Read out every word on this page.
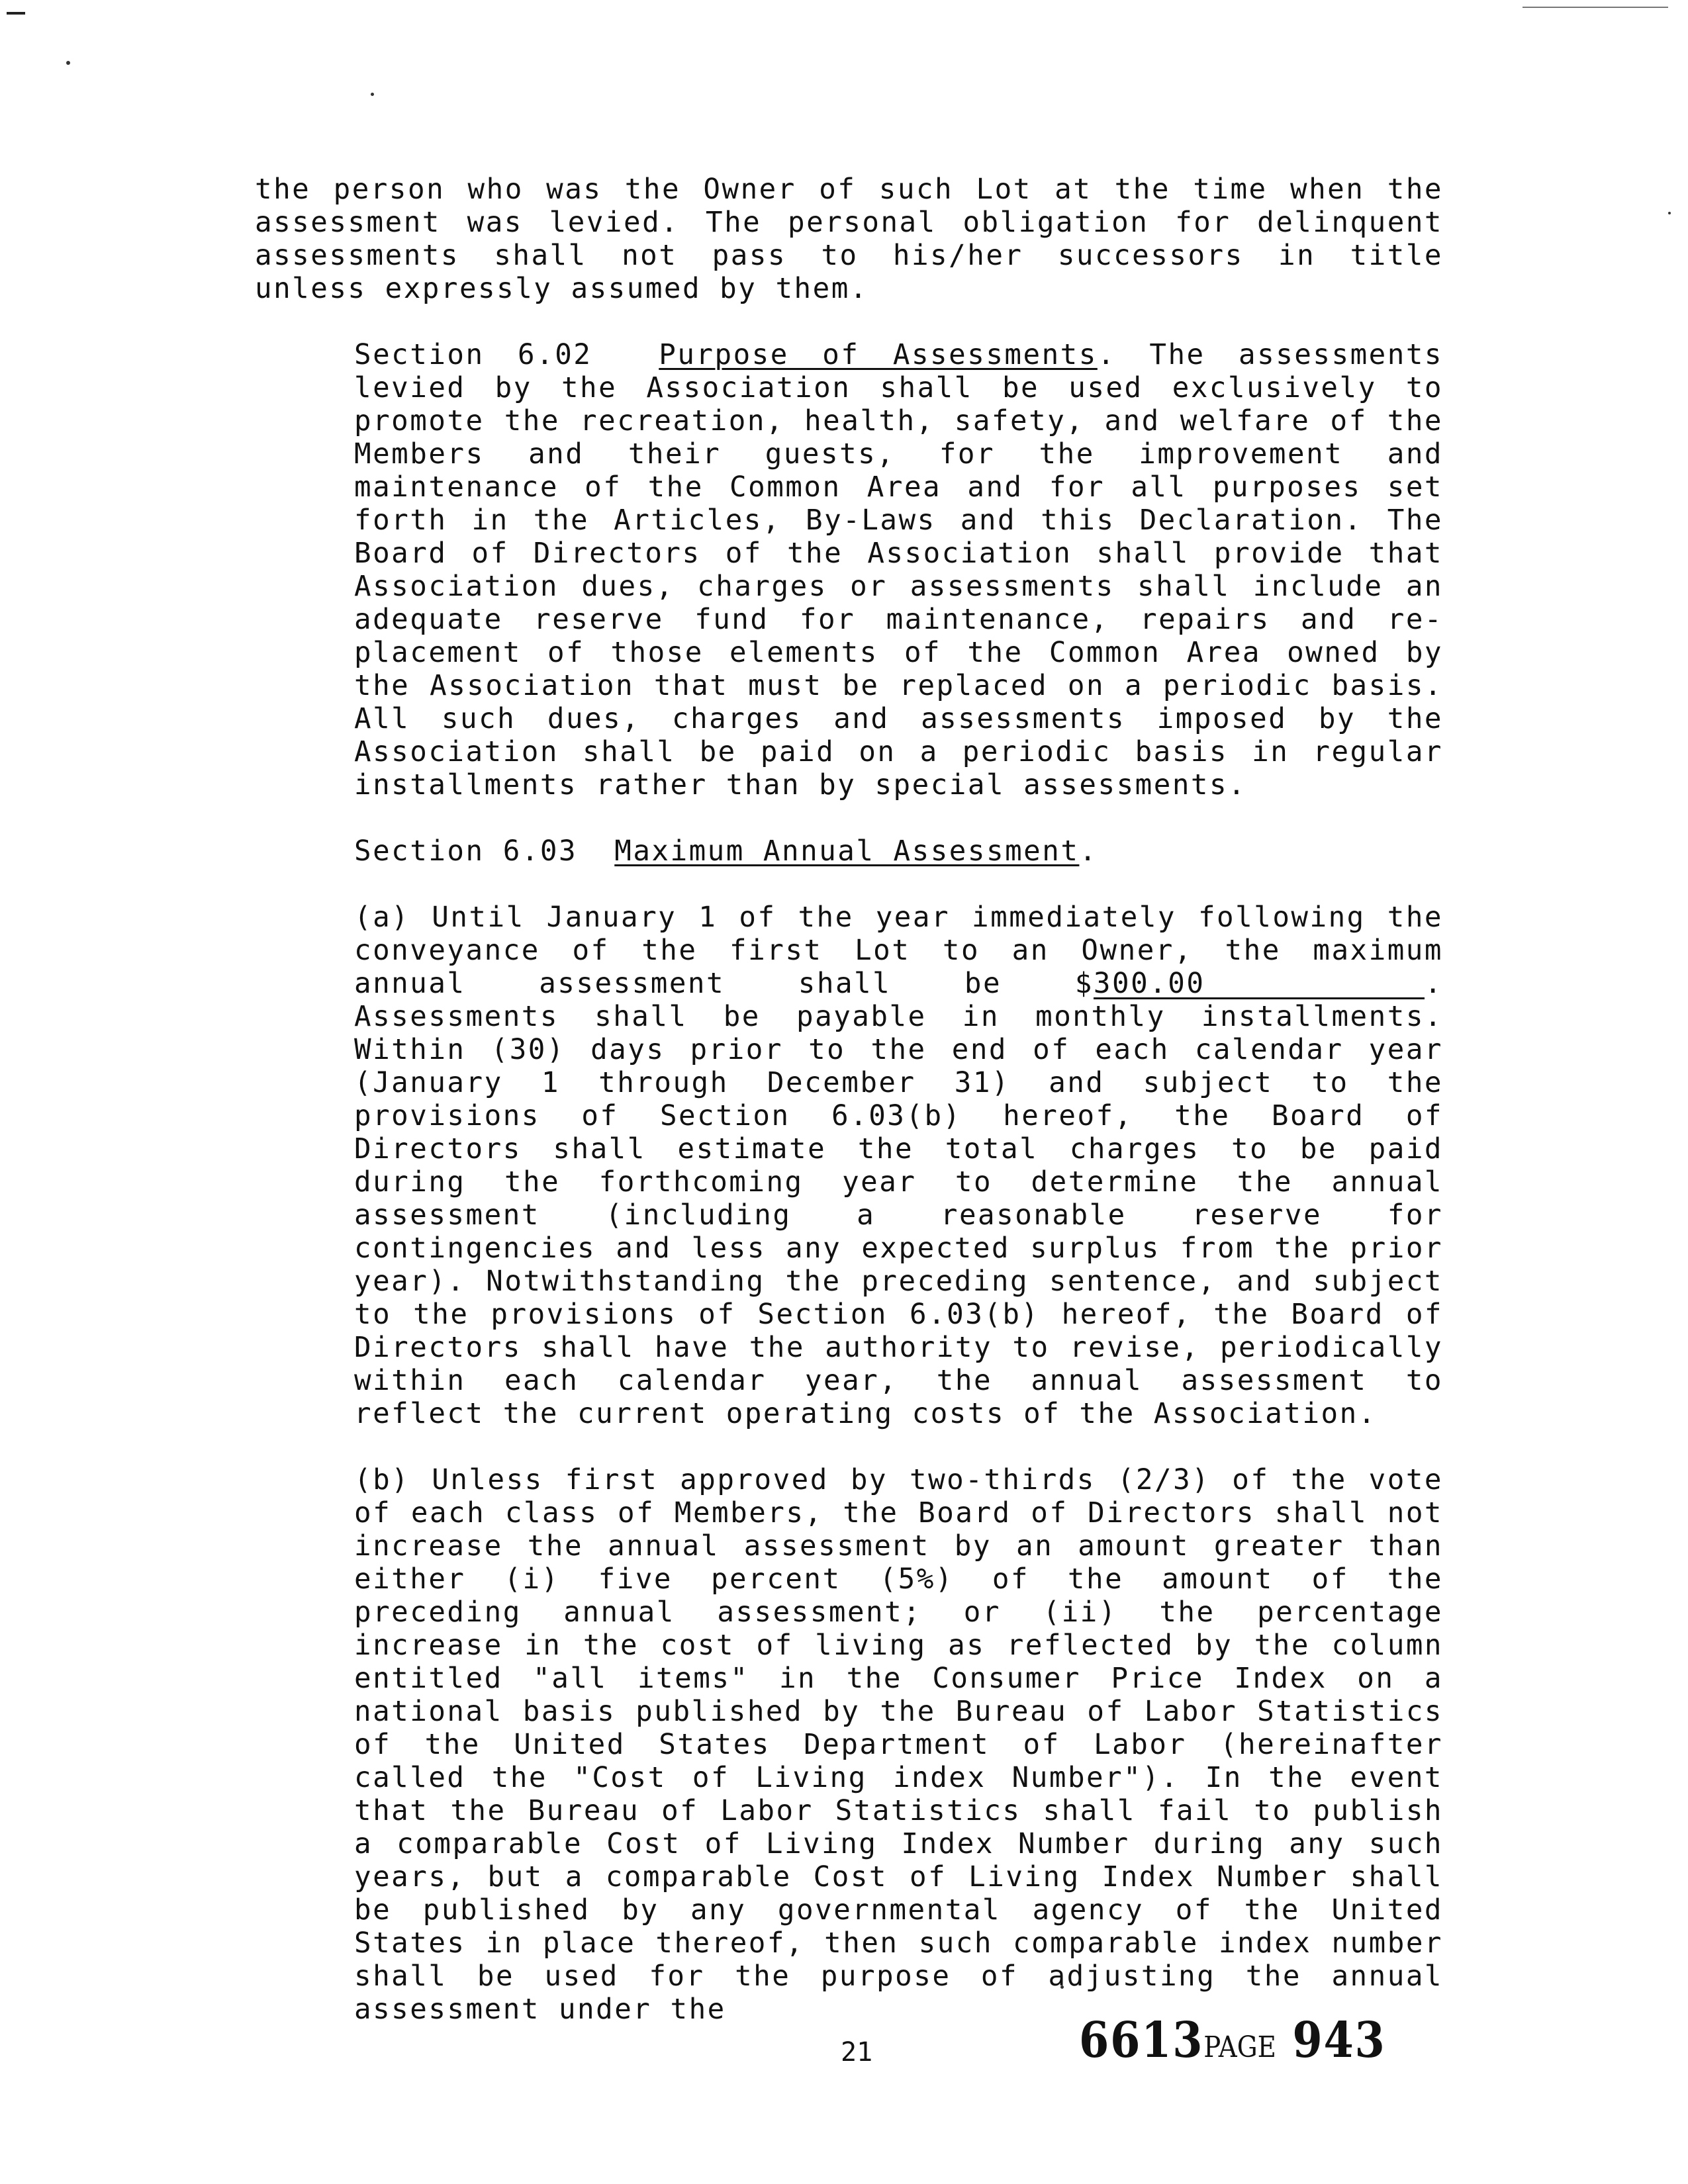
the person who was the Owner of such Lot at the time when the assessment was levied. The personal obligation for delinquent assessments shall not pass to his/her successors in title unless expressly assumed by them.

Section 6.02 Purpose of Assessments. The assessments levied by the Association shall be used exclusively to promote the recreation, health, safety, and welfare of the Members and their guests, for the improvement and maintenance of the Common Area and for all purposes set forth in the Articles, By-Laws and this Declaration. The Board of Directors of the Association shall provide that Association dues, charges or assessments shall include an adequate reserve fund for maintenance, repairs and re- placement of those elements of the Common Area owned by the Association that must be replaced on a periodic basis. All such dues, charges and assessments imposed by the Association shall be paid on a periodic basis in regular installments rather than by special assessments.

Section 6.03 Maximum Annual Assessment.

(a) Until January 1 of the year immediately following the conveyance of the first Lot to an Owner, the maximum annual assessment shall be $300.00	. Assessments shall be payable in monthly installments. Within (30) days prior to the end of each calendar year (January 1 through December 31) and subject to the provisions of Section 6.03(b) hereof, the Board of Directors shall estimate the total charges to be paid during the forthcoming year to determine the annual assessment (including a reasonable reserve for contingencies and less any expected surplus from the prior year). Notwithstanding the preceding sentence, and subject to the provisions of Section 6.03(b) hereof, the Board of Directors shall have the authority to revise, periodically within each calendar year, the annual assessment to reflect the current operating costs of the Association.

(b) Unless first approved by two-thirds (2/3) of the vote of each class of Members, the Board of Directors shall not increase the annual assessment by an amount greater than either (i) five percent (5%) of the amount of the preceding annual assessment; or (ii) the percentage increase in the cost of living as reflected by the column entitled "all items" in the Consumer Price Index on a national basis published by the Bureau of Labor Statistics of the United States Department of Labor (hereinafter called the "Cost of Living index Number"). In the event that the Bureau of Labor Statistics shall fail to publish a comparable Cost of Living Index Number during any such years, but a comparable Cost of Living Index Number shall be published by any governmental agency of the United States in place thereof, then such comparable index number shall be used for the purpose of adjusting the annual assessment under the

21	6613PAGE 943
